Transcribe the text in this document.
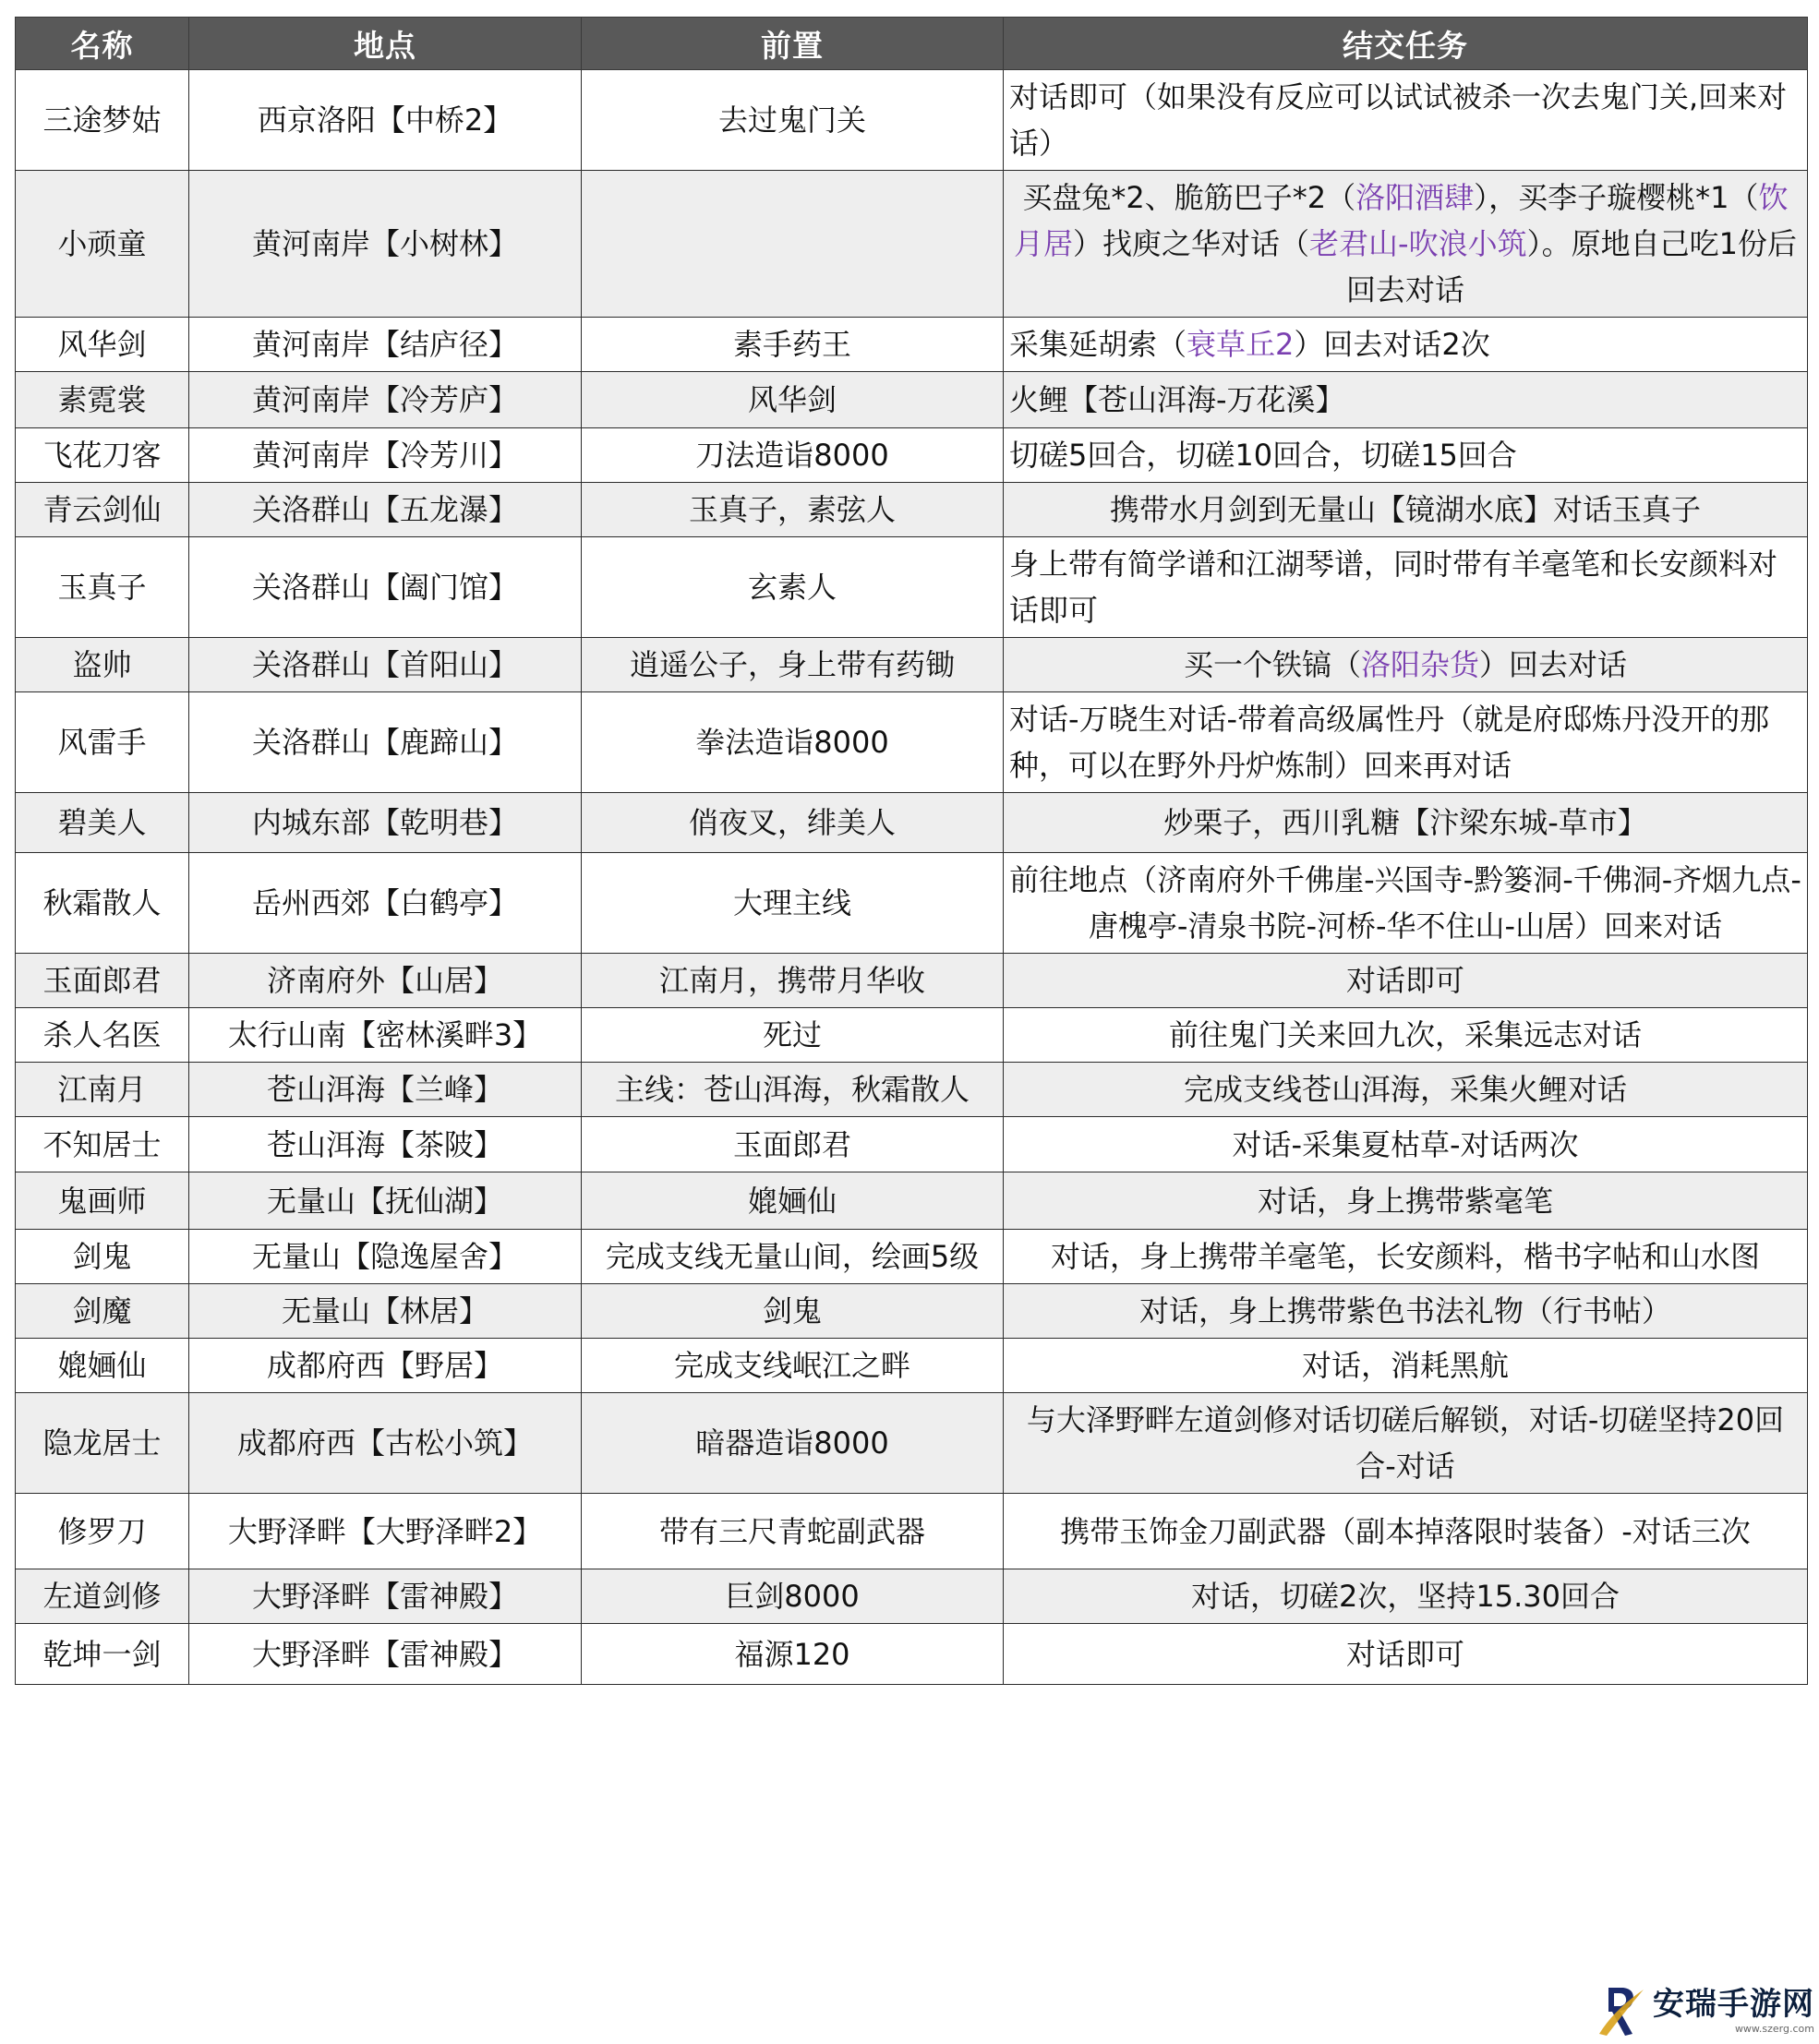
名称	地点	前置	结交任务
三途梦姑	西京洛阳【中桥2】	去过鬼门关	对话即可（如果没有反应可以试试被杀一次去鬼门关,回来对话）
小顽童	黄河南岸【小树林】		买盘兔*2、脆筋巴子*2（洛阳酒肆），买李子璇樱桃*1（饮月居）找庾之华对话（老君山-吹浪小筑）。原地自己吃1份后回去对话
风华剑	黄河南岸【结庐径】	素手药王	采集延胡索（衰草丘2）回去对话2次
素霓裳	黄河南岸【冷芳庐】	风华剑	火鲤【苍山洱海-万花溪】
飞花刀客	黄河南岸【冷芳川】	刀法造诣8000	切磋5回合，切磋10回合，切磋15回合
青云剑仙	关洛群山【五龙瀑】	玉真子，素弦人	携带水月剑到无量山【镜湖水底】对话玉真子
玉真子	关洛群山【阖门馆】	玄素人	身上带有简学谱和江湖琴谱，同时带有羊毫笔和长安颜料对话即可
盗帅	关洛群山【首阳山】	逍遥公子，身上带有药锄	买一个铁镐（洛阳杂货）回去对话
风雷手	关洛群山【鹿蹄山】	拳法造诣8000	对话-万晓生对话-带着高级属性丹（就是府邸炼丹没开的那种，可以在野外丹炉炼制）回来再对话
碧美人	内城东部【乾明巷】	俏夜叉，绯美人	炒栗子，西川乳糖【汴梁东城-草市】
秋霜散人	岳州西郊【白鹤亭】	大理主线	前往地点（济南府外千佛崖-兴国寺-黔篓洞-千佛洞-齐烟九点-唐槐亭-清泉书院-河桥-华不住山-山居）回来对话
玉面郎君	济南府外【山居】	江南月，携带月华收	对话即可
杀人名医	太行山南【密林溪畔3】	死过	前往鬼门关来回九次，采集远志对话
江南月	苍山洱海【兰峰】	主线：苍山洱海，秋霜散人	完成支线苍山洱海，采集火鲤对话
不知居士	苍山洱海【茶陂】	玉面郎君	对话-采集夏枯草-对话两次
鬼画师	无量山【抚仙湖】	媲婳仙	对话，身上携带紫毫笔
剑鬼	无量山【隐逸屋舍】	完成支线无量山间，绘画5级	对话，身上携带羊毫笔，长安颜料，楷书字帖和山水图
剑魔	无量山【林居】	剑鬼	对话，身上携带紫色书法礼物（行书帖）
媲婳仙	成都府西【野居】	完成支线岷江之畔	对话，消耗黑航
隐龙居士	成都府西【古松小筑】	暗器造诣8000	与大泽野畔左道剑修对话切磋后解锁，对话-切磋坚持20回合-对话
修罗刀	大野泽畔【大野泽畔2】	带有三尺青蛇副武器	携带玉饰金刀副武器（副本掉落限时装备）-对话三次
左道剑修	大野泽畔【雷神殿】	巨剑8000	对话，切磋2次，坚持15.30回合
乾坤一剑	大野泽畔【雷神殿】	福源120	对话即可
安瑞手游网
www.szerg.com
